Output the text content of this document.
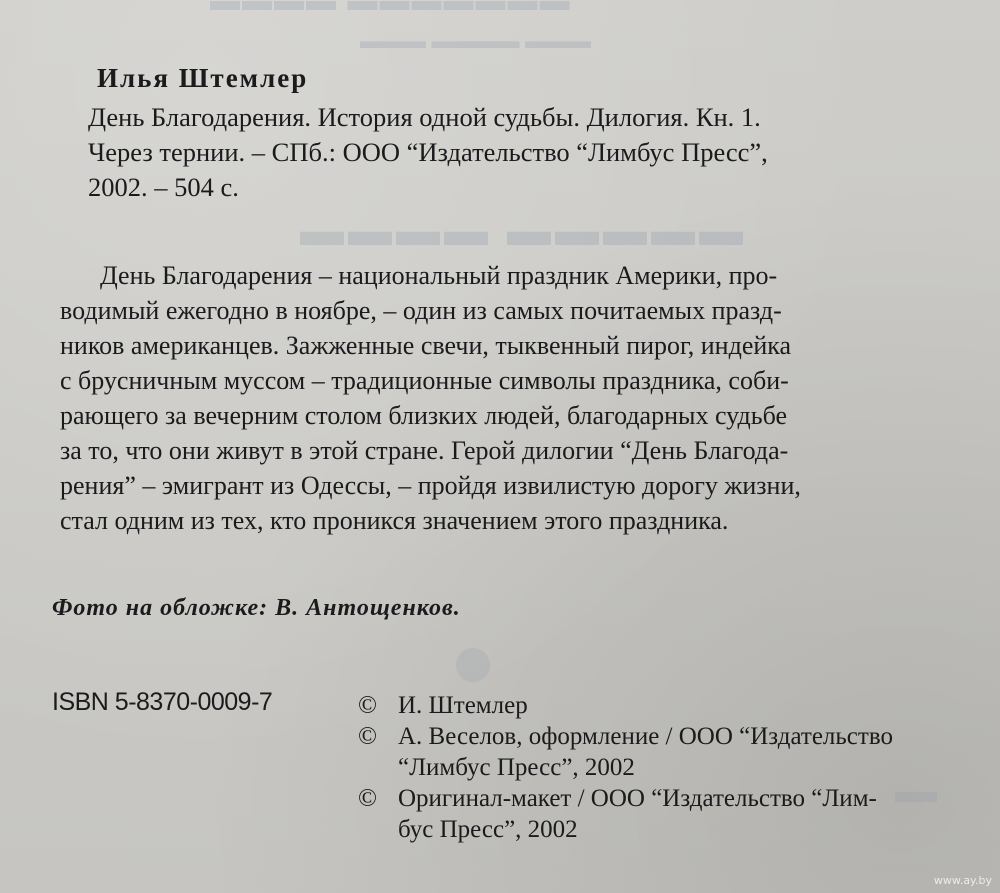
▬▬▬▬ ▬▬▬▬▬▬▬
▬▬▬ ▬▬▬▬ ▬▬▬
▬▬▬▬ ▬▬▬▬▬
Илья Штемлер
День Благодарения. История одной судьбы. Дилогия. Кн. 1.
Через тернии. – СПб.: ООО “Издательство “Лимбус Пресс”,
2002. – 504 с.
День Благодарения – национальный праздник Америки, про-
водимый ежегодно в ноябре, – один из самых почитаемых празд-
ников американцев. Зажженные свечи, тыквенный пирог, индейка
с брусничным муссом – традиционные символы праздника, соби-
рающего за вечерним столом близких людей, благодарных судьбе
за то, что они живут в этой стране. Герой дилогии “День Благода-
рения” – эмигрант из Одессы, – пройдя извилистую дорогу жизни,
стал одним из тех, кто проникся значением этого праздника.
Фото на обложке: В. Антощенков.
ISBN 5-8370-0009-7	© И. Штемлер
© А. Веселов, оформление / ООО “Издательство
“Лимбус Пресс”, 2002
© Оригинал-макет / ООО “Издательство “Лим-
бус Пресс”, 2002
www.ay.by
